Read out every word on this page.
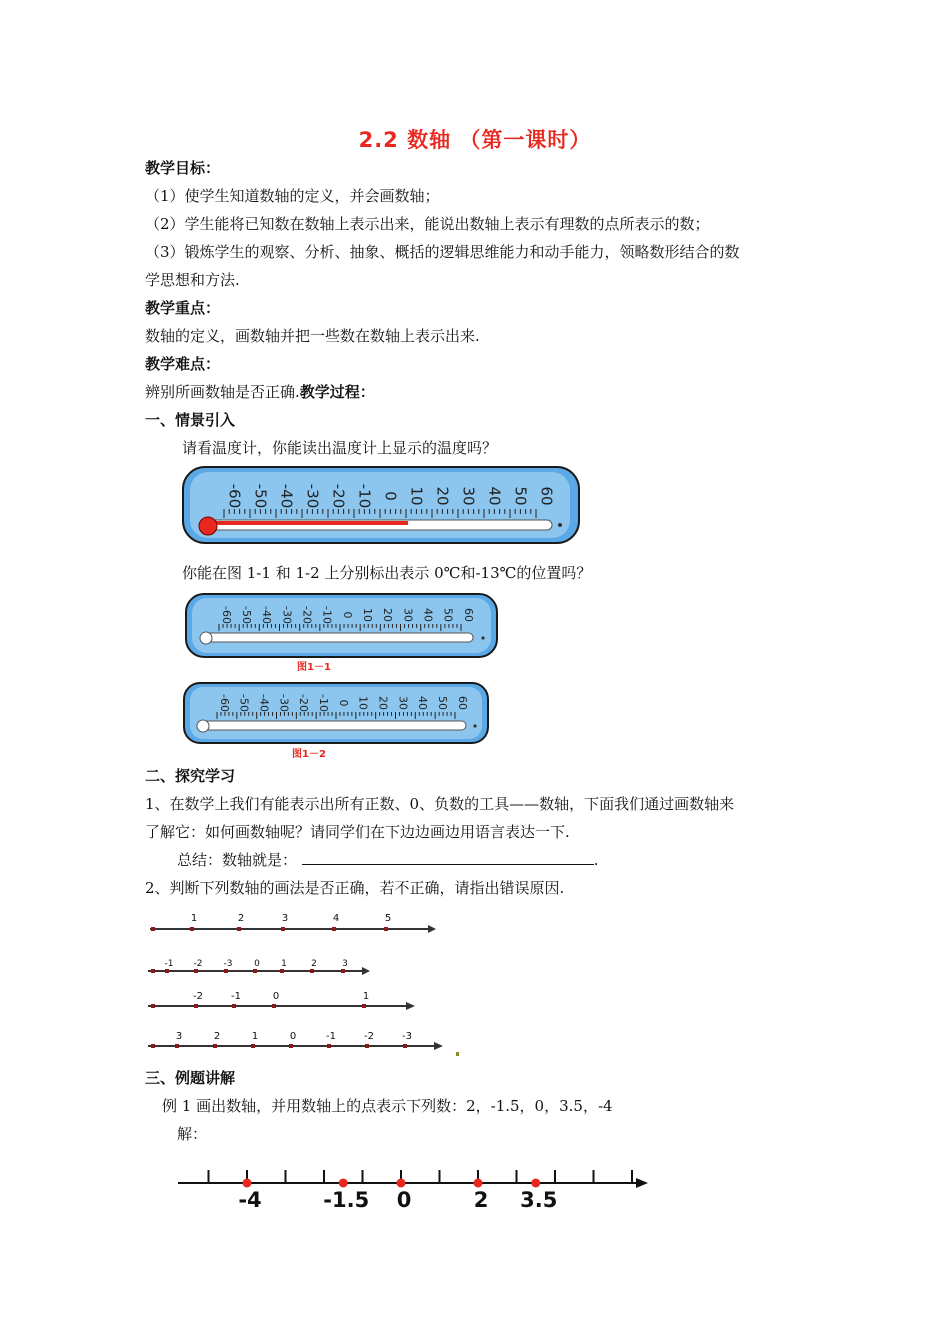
2.2 数轴 （第一课时）
教学目标：
（1）使学生知道数轴的定义，并会画数轴；
（2）学生能将已知数在数轴上表示出来，能说出数轴上表示有理数的点所表示的数；
（3）锻炼学生的观察、分析、抽象、概括的逻辑思维能力和动手能力，领略数形结合的数
学思想和方法.
教学重点：
数轴的定义，画数轴并把一些数在数轴上表示出来.
教学难点：
辨别所画数轴是否正确.教学过程：
一、情景引入
请看温度计，你能读出温度计上显示的温度吗？
-60 -50 -40 -30 -20 -10 0 10 20 30 40 50 60
你能在图 1-1 和 1-2 上分别标出表示 0℃和-13℃的位置吗？
-60 -50 -40 -30 -20 -10 0 10 20 30 40 50 60
图1－1
-60 -50 -40 -30 -20 -10 0 10 20 30 40 50 60
图1－2
二、探究学习
1、在数学上我们有能表示出所有正数、0、负数的工具——数轴，下面我们通过画数轴来
了解它：如何画数轴呢？请同学们在下边边画边用语言表达一下.
总结：数轴就是：	.
2、判断下列数轴的画法是否正确，若不正确，请指出错误原因.
1	2	3	4	5
-1 -2 -3 0 1	2	3
-2	-1	0	1
3	2	1	0	-1	-2	-3
三、例题讲解
例 1 画出数轴，并用数轴上的点表示下列数：2，-1.5，0，3.5，-4
解：
-4	-1.5 0	2 3.5
